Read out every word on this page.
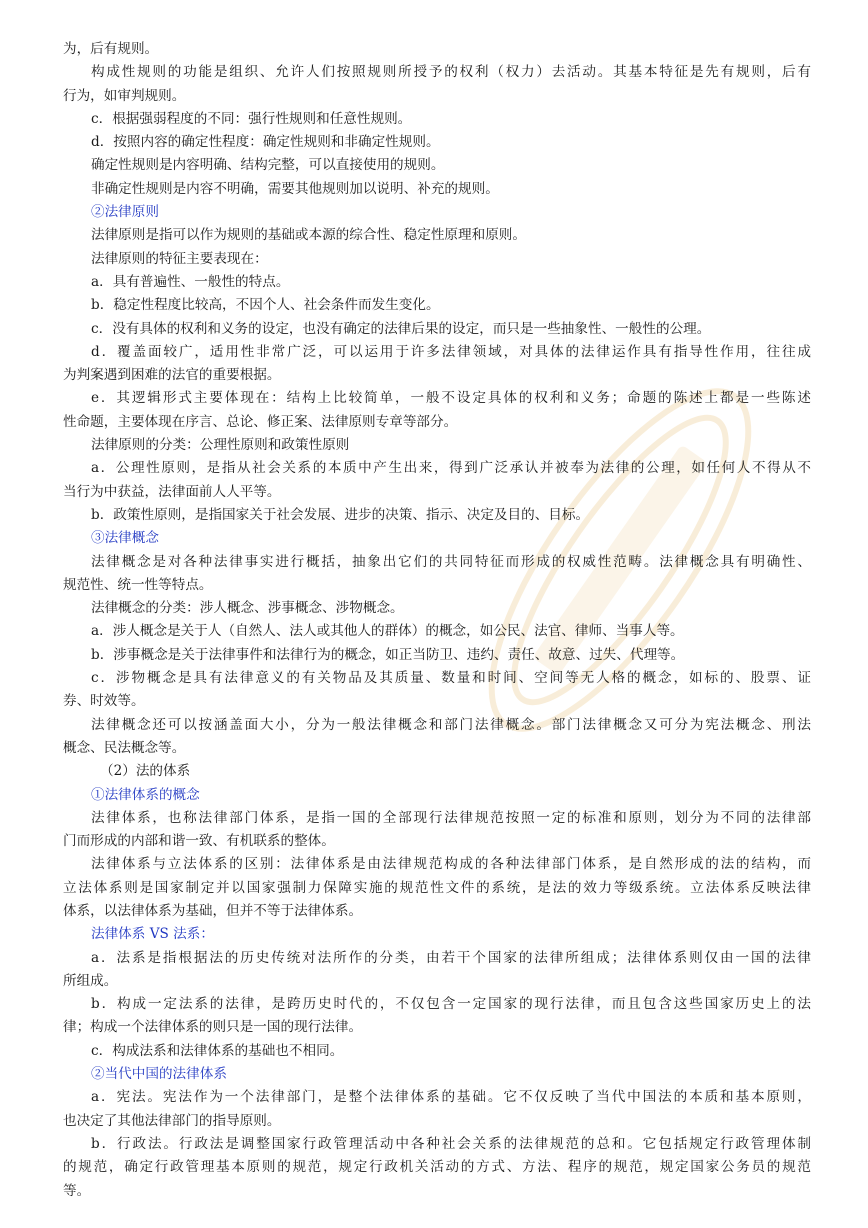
为，后有规则。
构成性规则的功能是组织、允许人们按照规则所授予的权利（权力）去活动。其基本特征是先有规则，后有
行为，如审判规则。
c．根据强弱程度的不同：强行性规则和任意性规则。
d．按照内容的确定性程度：确定性规则和非确定性规则。
确定性规则是内容明确、结构完整，可以直接使用的规则。
非确定性规则是内容不明确，需要其他规则加以说明、补充的规则。
②法律原则
法律原则是指可以作为规则的基础或本源的综合性、稳定性原理和原则。
法律原则的特征主要表现在：
a．具有普遍性、一般性的特点。
b．稳定性程度比较高，不因个人、社会条件而发生变化。
c．没有具体的权利和义务的设定，也没有确定的法律后果的设定，而只是一些抽象性、一般性的公理。
d．覆盖面较广，适用性非常广泛，可以运用于许多法律领域，对具体的法律运作具有指导性作用，往往成
为判案遇到困难的法官的重要根据。
e．其逻辑形式主要体现在：结构上比较简单，一般不设定具体的权利和义务；命题的陈述上都是一些陈述
性命题，主要体现在序言、总论、修正案、法律原则专章等部分。
法律原则的分类：公理性原则和政策性原则
a．公理性原则，是指从社会关系的本质中产生出来，得到广泛承认并被奉为法律的公理，如任何人不得从不
当行为中获益，法律面前人人平等。
b．政策性原则，是指国家关于社会发展、进步的决策、指示、决定及目的、目标。
③法律概念
法律概念是对各种法律事实进行概括，抽象出它们的共同特征而形成的权威性范畴。法律概念具有明确性、
规范性、统一性等特点。
法律概念的分类：涉人概念、涉事概念、涉物概念。
a．涉人概念是关于人（自然人、法人或其他人的群体）的概念，如公民、法官、律师、当事人等。
b．涉事概念是关于法律事件和法律行为的概念，如正当防卫、违约、责任、故意、过失、代理等。
c．涉物概念是具有法律意义的有关物品及其质量、数量和时间、空间等无人格的概念，如标的、股票、证
券、时效等。
法律概念还可以按涵盖面大小，分为一般法律概念和部门法律概念。部门法律概念又可分为宪法概念、刑法
概念、民法概念等。
（2）法的体系
①法律体系的概念
法律体系，也称法律部门体系，是指一国的全部现行法律规范按照一定的标准和原则，划分为不同的法律部
门而形成的内部和谐一致、有机联系的整体。
法律体系与立法体系的区别：法律体系是由法律规范构成的各种法律部门体系，是自然形成的法的结构，而
立法体系则是国家制定并以国家强制力保障实施的规范性文件的系统，是法的效力等级系统。立法体系反映法律
体系，以法律体系为基础，但并不等于法律体系。
法律体系 VS 法系：
a．法系是指根据法的历史传统对法所作的分类，由若干个国家的法律所组成；法律体系则仅由一国的法律
所组成。
b．构成一定法系的法律，是跨历史时代的，不仅包含一定国家的现行法律，而且包含这些国家历史上的法
律；构成一个法律体系的则只是一国的现行法律。
c．构成法系和法律体系的基础也不相同。
②当代中国的法律体系
a．宪法。宪法作为一个法律部门，是整个法律体系的基础。它不仅反映了当代中国法的本质和基本原则，
也决定了其他法律部门的指导原则。
b．行政法。行政法是调整国家行政管理活动中各种社会关系的法律规范的总和。它包括规定行政管理体制
的规范，确定行政管理基本原则的规范，规定行政机关活动的方式、方法、程序的规范，规定国家公务员的规范
等。
